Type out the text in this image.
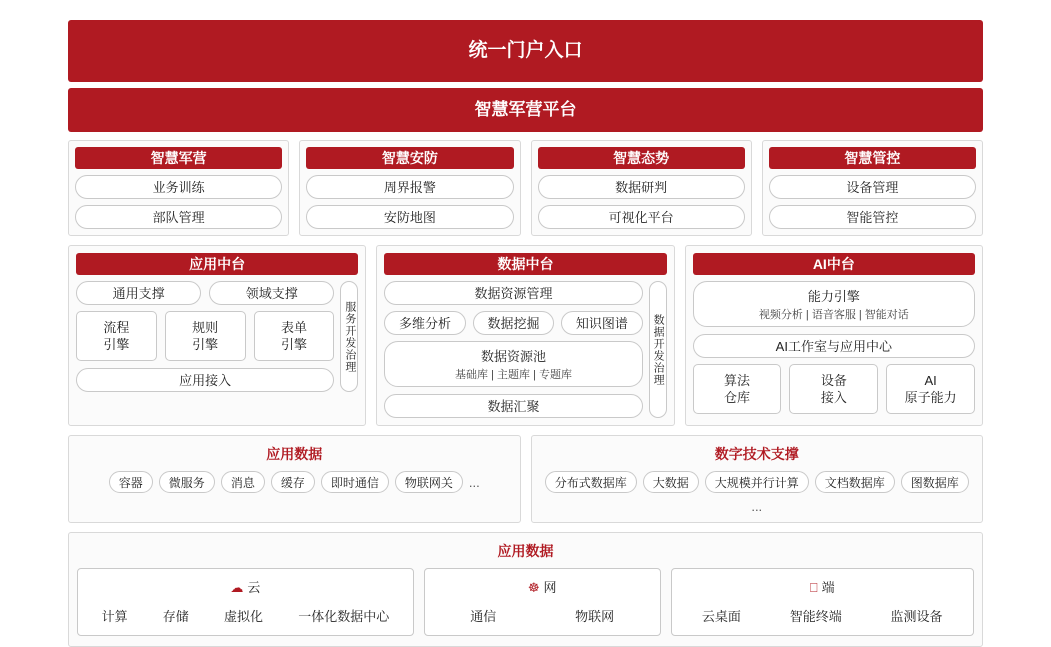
统一门户入口
智慧军营平台
智慧军营
业务训练
部队管理
智慧安防
周界报警
安防地图
智慧态势
数据研判
可视化平台
智慧管控
设备管理
智能管控
应用中台
通用支撑	领域支撑
流程
引擎
规则
引擎
表单
引擎
应用接入
服务开发治理
数据中台
数据资源管理
多维分析	数据挖掘	知识图谱
数据资源池
基础库 | 主题库 | 专题库
数据汇聚
数据开发治理
AI中台
能力引擎
视频分析 | 语音客服 | 智能对话
AI工作室与应用中心
算法
仓库
设备
接入
AI
原子能力
应用数据
容器	微服务	消息	缓存	即时通信	物联网关	...
数字技术支撑
分布式数据库	大数据	大规模并行计算	文档数据库	图数据库
...
应用数据
☁ 云
计算	存储	虚拟化	一体化数据中心
☸ 网
通信	物联网
⎕ 端
云桌面	智能终端	监测设备
